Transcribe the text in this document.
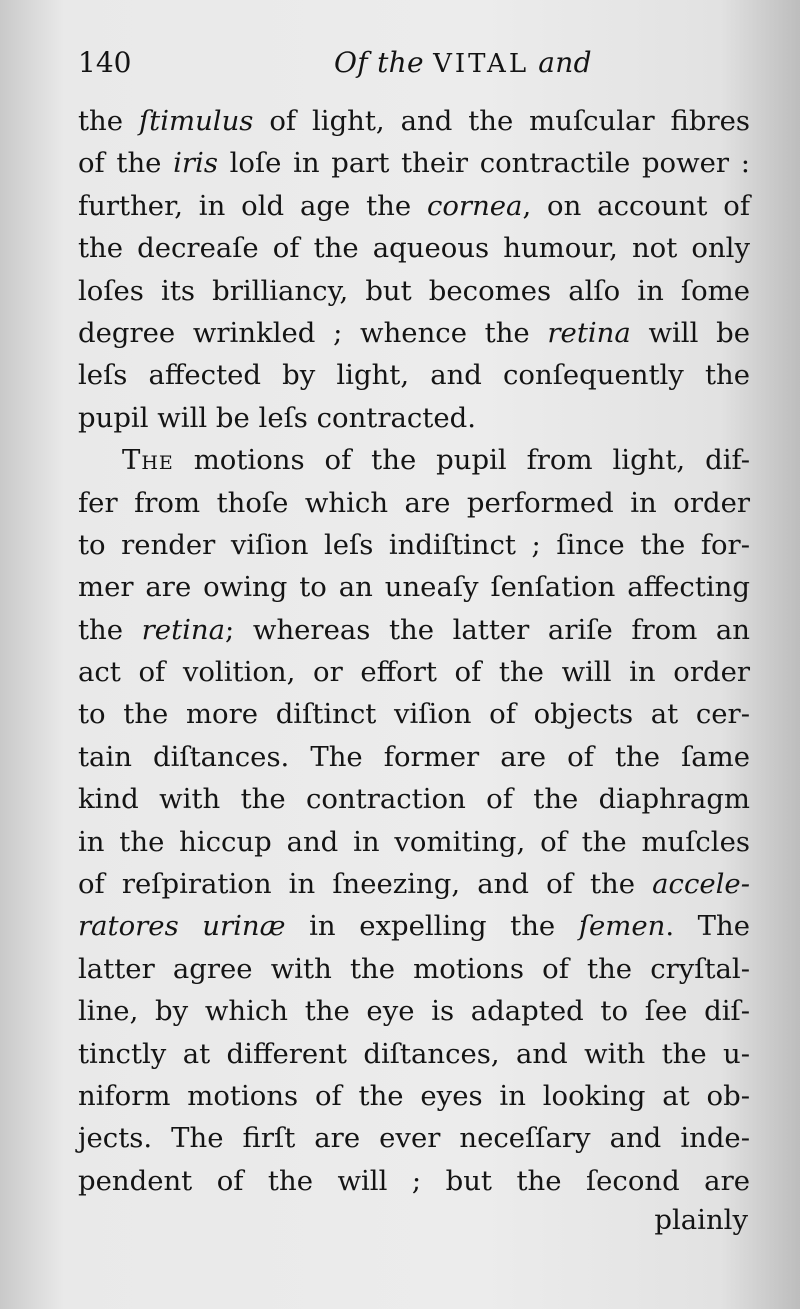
140	Of the VITAL and
the ſtimulus of light, and the muſcular fibres
of the iris loſe in part their contractile power :
further, in old age the cornea, on account of
the decreaſe of the aqueous humour, not only
loſes its brilliancy, but becomes alſo in ſome
degree wrinkled ; whence the retina will be
leſs affected by light, and conſequently the
pupil will be leſs contracted.
The motions of the pupil from light, dif-
fer from thoſe which are performed in order
to render viſion leſs indiſtinct ; ſince the for-
mer are owing to an uneaſy ſenſation affecting
the retina; whereas the latter ariſe from an
act of volition, or effort of the will in order
to the more diſtinct viſion of objects at cer-
tain diſtances. The former are of the ſame
kind with the contraction of the diaphragm
in the hiccup and in vomiting, of the muſcles
of reſpiration in ſneezing, and of the accele-
ratores urinæ in expelling the ſemen. The
latter agree with the motions of the cryſtal-
line, by which the eye is adapted to ſee diſ-
tinctly at different diſtances, and with the u-
niform motions of the eyes in looking at ob-
jects. The firſt are ever neceſſary and inde-
pendent of the will ; but the ſecond are
plainly
